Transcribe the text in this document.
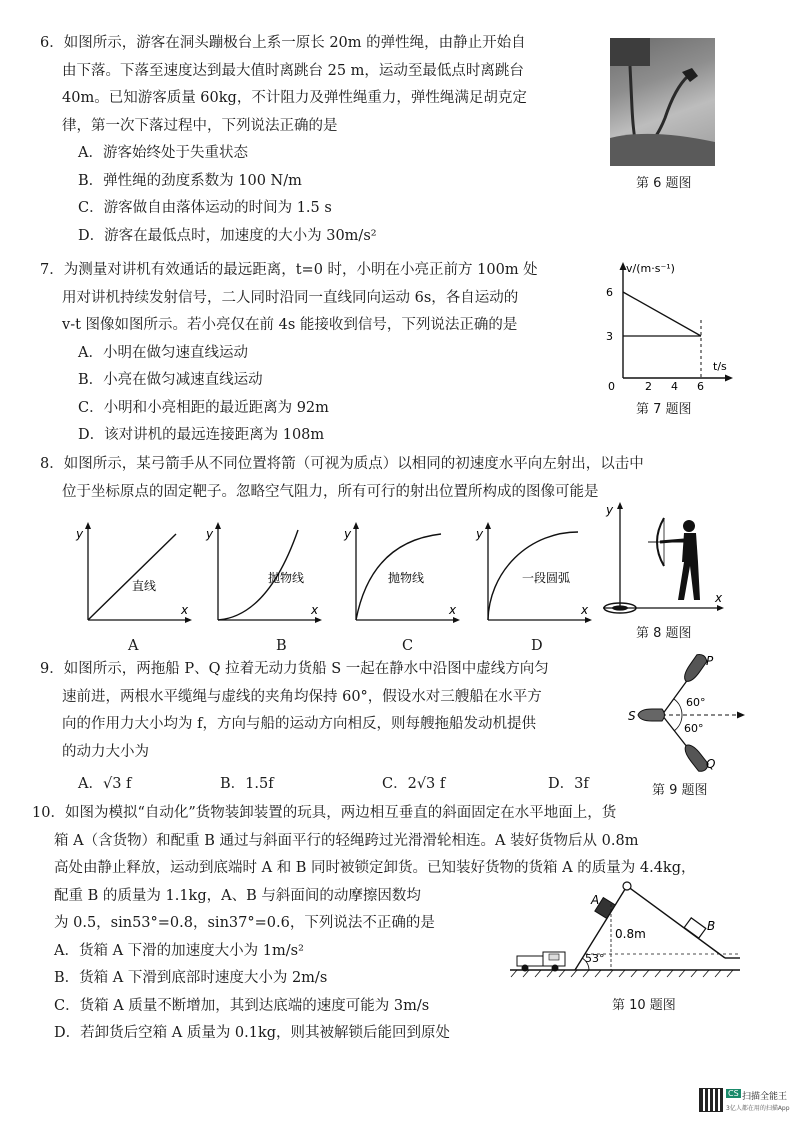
6．如图所示，游客在洞头蹦极台上系一原长 20m 的弹性绳，由静止开始自

由下落。下落至速度达到最大值时离跳台 25 m，运动至最低点时离跳台

40m。已知游客质量 60kg，不计阻力及弹性绳重力，弹性绳满足胡克定

律，第一次下落过程中，下列说法正确的是

A．游客始终处于失重状态

B．弹性绳的劲度系数为 100 N/m

C．游客做自由落体运动的时间为 1.5 s

D．游客在最低点时，加速度的大小为 30m/s²

第 6 题图

7．为测量对讲机有效通话的最远距离，t=0 时，小明在小亮正前方 100m 处

用对讲机持续发射信号，二人同时沿同一直线同向运动 6s，各自运动的

v-t 图像如图所示。若小亮仅在前 4s 能接收到信号，下列说法正确的是

A．小明在做匀速直线运动

B．小亮在做匀减速直线运动

C．小明和小亮相距的最近距离为 92m

D．该对讲机的最远连接距离为 108m

v/(m·s⁻¹)
t/s
6
3
0	2 4 6
第 7 题图

8．如图所示，某弓箭手从不同位置将箭（可视为质点）以相同的初速度水平向左射出，以击中

位于坐标原点的固定靶子。忽略空气阻力，所有可行的射出位置所构成的图像可能是

y
x
直线
y
x
抛物线
y
x
抛物线
y
x
一段圆弧
A	B	C	D
y
x
第 8 题图

9．如图所示，两拖船 P、Q 拉着无动力货船 S 一起在静水中沿图中虚线方向匀

速前进，两根水平缆绳与虚线的夹角均保持 60°，假设水对三艘船在水平方

向的作用力大小均为 f，方向与船的运动方向相反，则每艘拖船发动机提供

的动力大小为

A．√3 f	B．1.5f	C．2√3 f	D．3f
P
Q
S
60°
60°
第 9 题图

10．如图为模拟“自动化”货物装卸装置的玩具，两边相互垂直的斜面固定在水平地面上，货

箱 A（含货物）和配重 B 通过与斜面平行的轻绳跨过光滑滑轮相连。A 装好货物后从 0.8m

高处由静止释放，运动到底端时 A 和 B 同时被锁定卸货。已知装好货物的货箱 A 的质量为 4.4kg，

配重 B 的质量为 1.1kg，A、B 与斜面间的动摩擦因数均

为 0.5，sin53°=0.8，sin37°=0.6，下列说法不正确的是

A．货箱 A 下滑的加速度大小为 1m/s²

B．货箱 A 下滑到底部时速度大小为 2m/s

C．货箱 A 质量不断增加，其到达底端的速度可能为 3m/s

D．若卸货后空箱 A 质量为 0.1kg，则其被解锁后能回到原处

A
B
0.8m
53°
第 10 题图
CS 扫描全能王
3亿人都在用的扫描App
